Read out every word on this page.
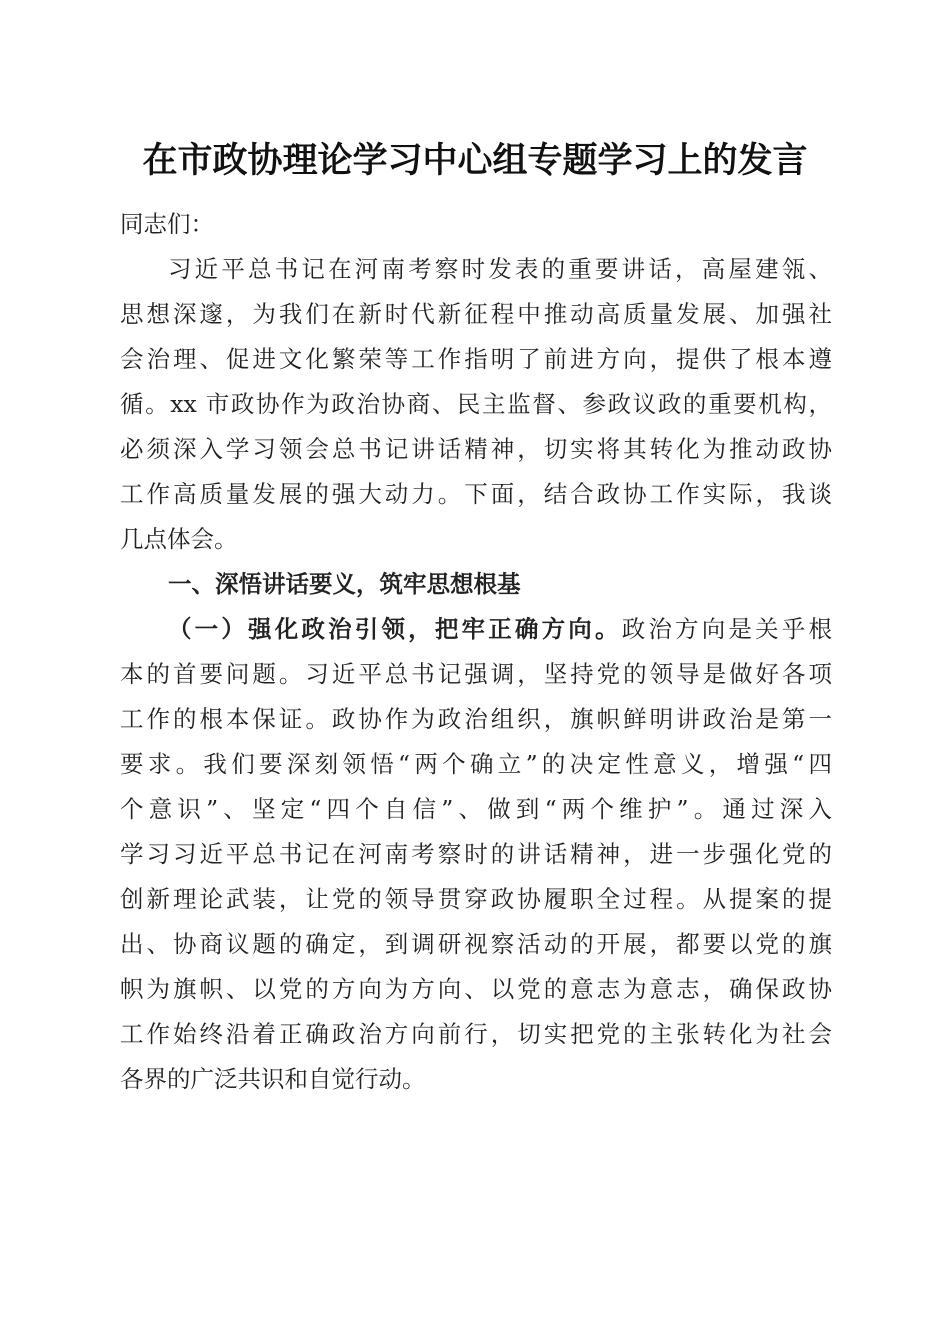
在市政协理论学习中心组专题学习上的发言
同志们：
习近平总书记在河南考察时发表的重要讲话，高屋建瓴、
思想深邃，为我们在新时代新征程中推动高质量发展、加强社
会治理、促进文化繁荣等工作指明了前进方向，提供了根本遵
循。xx 市政协作为政治协商、民主监督、参政议政的重要机构，
必须深入学习领会总书记讲话精神，切实将其转化为推动政协
工作高质量发展的强大动力。下面，结合政协工作实际，我谈
几点体会。
一、深悟讲话要义，筑牢思想根基
（一）强化政治引领，把牢正确方向。政治方向是关乎根
本的首要问题。习近平总书记强调，坚持党的领导是做好各项
工作的根本保证。政协作为政治组织，旗帜鲜明讲政治是第一
要求。我们要深刻领悟“两个确立”的决定性意义，增强“四
个意识”、坚定“四个自信”、做到“两个维护”。通过深入
学习习近平总书记在河南考察时的讲话精神，进一步强化党的
创新理论武装，让党的领导贯穿政协履职全过程。从提案的提
出、协商议题的确定，到调研视察活动的开展，都要以党的旗
帜为旗帜、以党的方向为方向、以党的意志为意志，确保政协
工作始终沿着正确政治方向前行，切实把党的主张转化为社会
各界的广泛共识和自觉行动。
